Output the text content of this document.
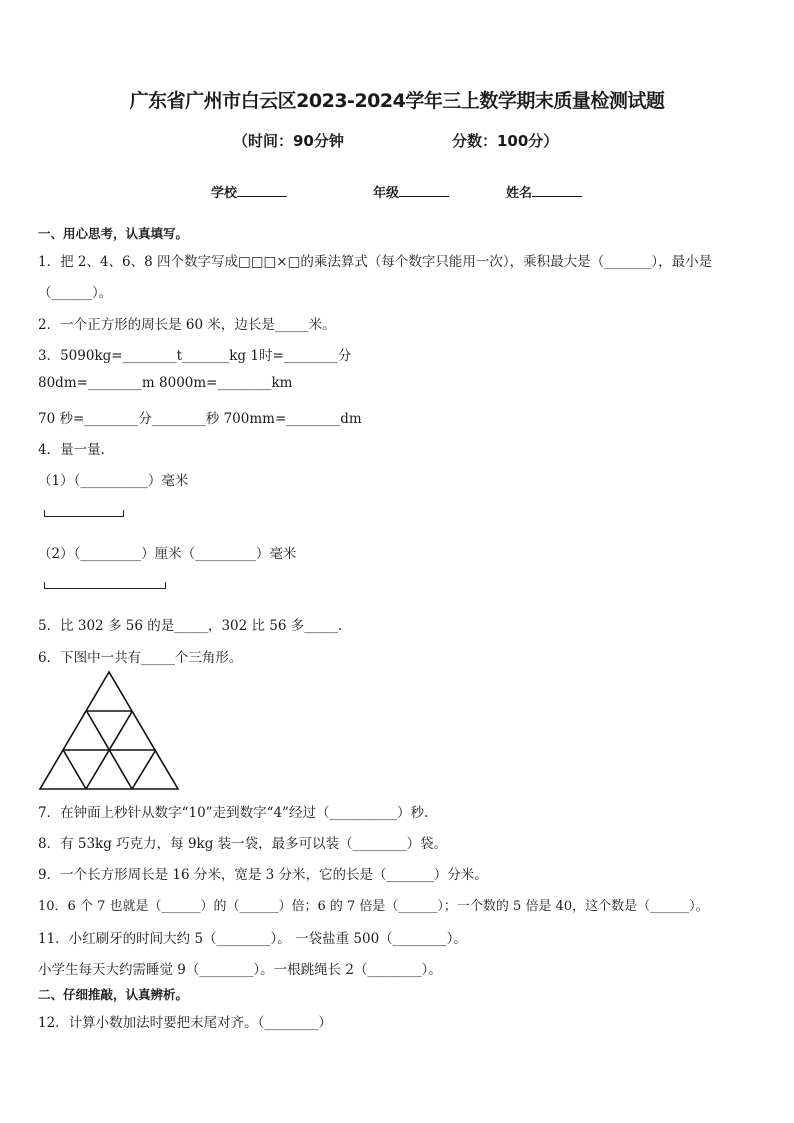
广东省广州市白云区2023-2024学年三上数学期末质量检测试题
（时间：90分钟	分数：100分）
学校	年级	姓名
一、用心思考，认真填写。
1．把 2、4、6、8 四个数字写成□□□×□的乘法算式（每个数字只能用一次），乘积最大是（_______），最小是
（______）。
2．一个正方形的周长是 60 米，边长是_____米。
3．5090kg=________t_______kg 1时=________分
80dm=________m 8000m=________km
70 秒=________分________秒 700mm=________dm
4．量一量.
（1）（__________）毫米
（2）（_________）厘米（_________）毫米
5．比 302 多 56 的是_____，302 比 56 多_____.
6．下图中一共有_____个三角形。
7．在钟面上秒针从数字“10”走到数字“4”经过（__________）秒.
8．有 53kg 巧克力，每 9kg 装一袋，最多可以装（________）袋。
9．一个长方形周长是 16 分米，宽是 3 分米，它的长是（_______）分米。
10．6 个 7 也就是（______）的（______）倍；6 的 7 倍是（______）；一个数的 5 倍是 40，这个数是（______）。
11．小红刷牙的时间大约 5（________）。 一袋盐重 500（________）。
小学生每天大约需睡觉 9（________）。一根跳绳长 2（________）。
二、仔细推敲，认真辨析。
12．计算小数加法时要把末尾对齐。（________）
